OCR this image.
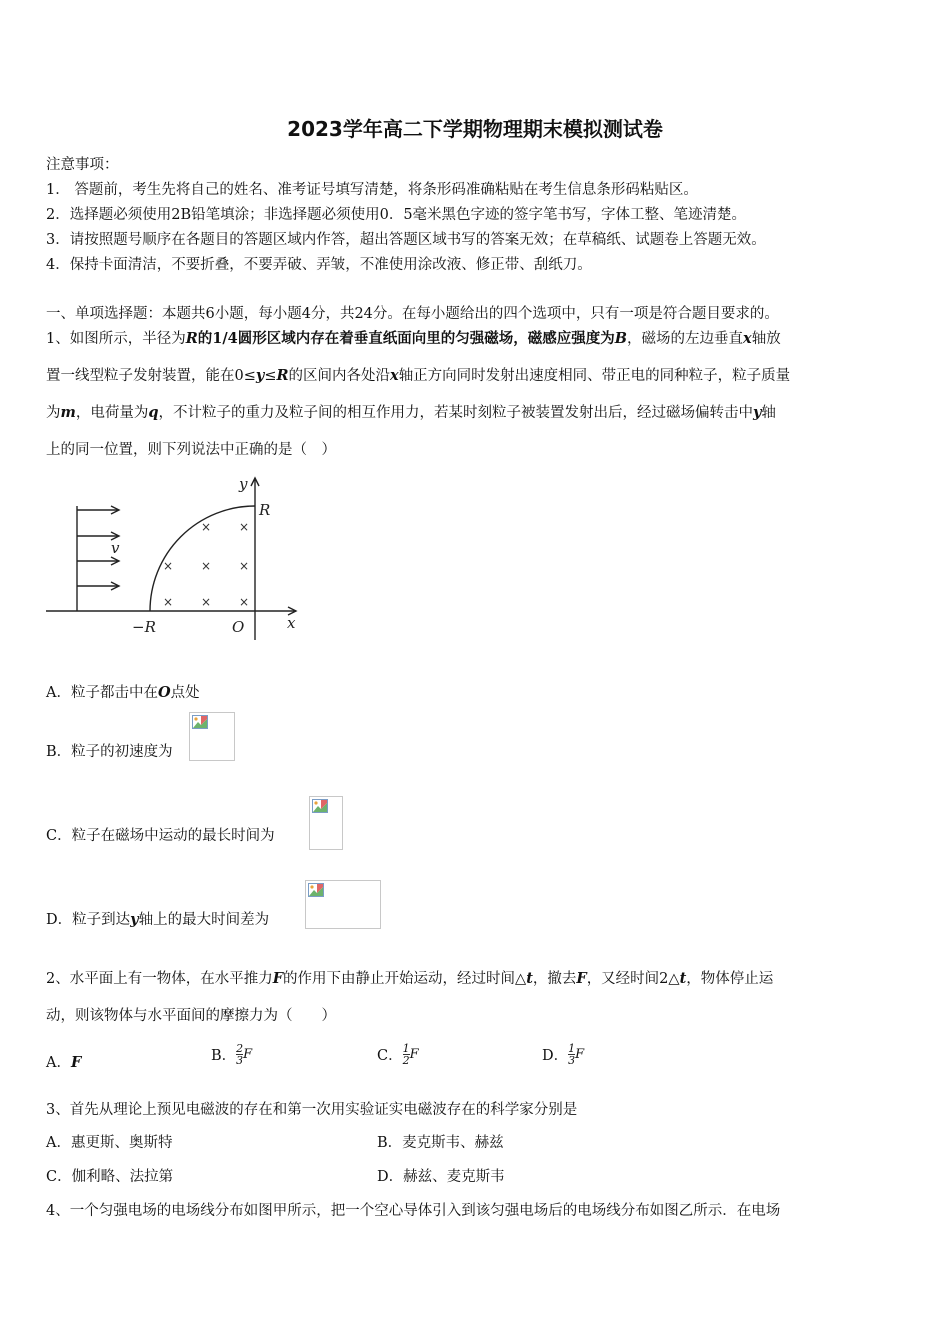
2023学年高二下学期物理期末模拟测试卷
注意事项：
1． 答题前，考生先将自己的姓名、准考证号填写清楚，将条形码准确粘贴在考生信息条形码粘贴区。
2．选择题必须使用2B铅笔填涂；非选择题必须使用0．5毫米黑色字迹的签字笔书写，字体工整、笔迹清楚。
3．请按照题号顺序在各题目的答题区域内作答，超出答题区域书写的答案无效；在草稿纸、试题卷上答题无效。
4．保持卡面清洁，不要折叠，不要弄破、弄皱，不准使用涂改液、修正带、刮纸刀。
一、单项选择题：本题共6小题，每小题4分，共24分。在每小题给出的四个选项中，只有一项是符合题目要求的。
1、如图所示，半径为R的1/4圆形区域内存在着垂直纸面向里的匀强磁场，磁感应强度为B，磁场的左边垂直x轴放
置一线型粒子发射装置，能在0≤y≤R的区间内各处沿x轴正方向同时发射出速度相同、带正电的同种粒子，粒子质量
为m，电荷量为q，不计粒子的重力及粒子间的相互作用力，若某时刻粒子被装置发射出后，经过磁场偏转击中y轴
上的同一位置，则下列说法中正确的是（　）
× ×
× × ×
× × ×
y
R
v
−R	O	x
A．粒子都击中在O点处
B．粒子的初速度为
C．粒子在磁场中运动的最长时间为
D．粒子到达y轴上的最大时间差为
2、水平面上有一物体，在水平推力F的作用下由静止开始运动，经过时间△t，撤去F，又经时间2△t，物体停止运
动，则该物体与水平面间的摩擦力为（　　）
A．F	B． $\frac{2}{3}$ F	C． $\frac{1}{2}$ F	D． $\frac{1}{3}$ F
3、首先从理论上预见电磁波的存在和第一次用实验证实电磁波存在的科学家分别是
A．惠更斯、奥斯特	B．麦克斯韦、赫兹
C．伽利略、法拉第	D．赫兹、麦克斯韦
4、一个匀强电场的电场线分布如图甲所示，把一个空心导体引入到该匀强电场后的电场线分布如图乙所示．在电场
